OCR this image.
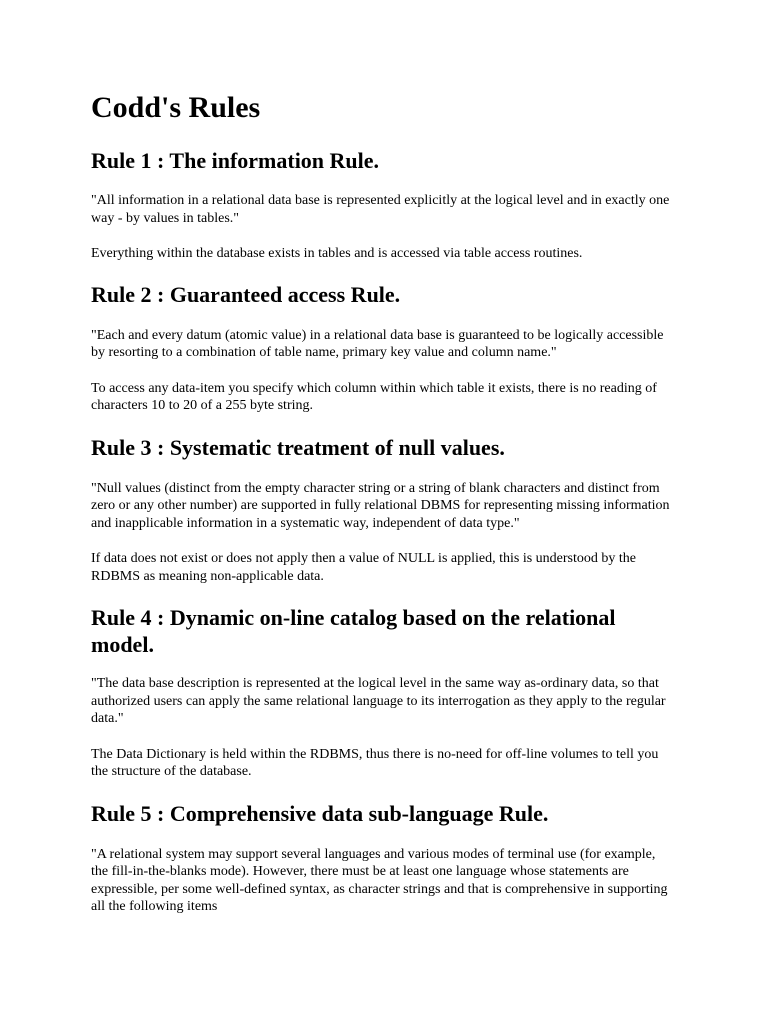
Codd's Rules
Rule 1 : The information Rule.

"All information in a relational data base is represented explicitly at the logical level and in exactly one way - by values in tables."

Everything within the database exists in tables and is accessed via table access routines.

Rule 2 : Guaranteed access Rule.

"Each and every datum (atomic value) in a relational data base is guaranteed to be logically accessible by resorting to a combination of table name, primary key value and column name."

To access any data-item you specify which column within which table it exists, there is no reading of characters 10 to 20 of a 255 byte string.

Rule 3 : Systematic treatment of null values.

"Null values (distinct from the empty character string or a string of blank characters and distinct from zero or any other number) are supported in fully relational DBMS for representing missing information and inapplicable information in a systematic way, independent of data type."

If data does not exist or does not apply then a value of NULL is applied, this is understood by the RDBMS as meaning non-applicable data.

Rule 4 : Dynamic on-line catalog based on the relational model.

"The data base description is represented at the logical level in the same way as-ordinary data, so that authorized users can apply the same relational language to its interrogation as they apply to the regular data."

The Data Dictionary is held within the RDBMS, thus there is no-need for off-line volumes to tell you the structure of the database.

Rule 5 : Comprehensive data sub-language Rule.

"A relational system may support several languages and various modes of terminal use (for example, the fill-in-the-blanks mode). However, there must be at least one language whose statements are expressible, per some well-defined syntax, as character strings and that is comprehensive in supporting all the following items
